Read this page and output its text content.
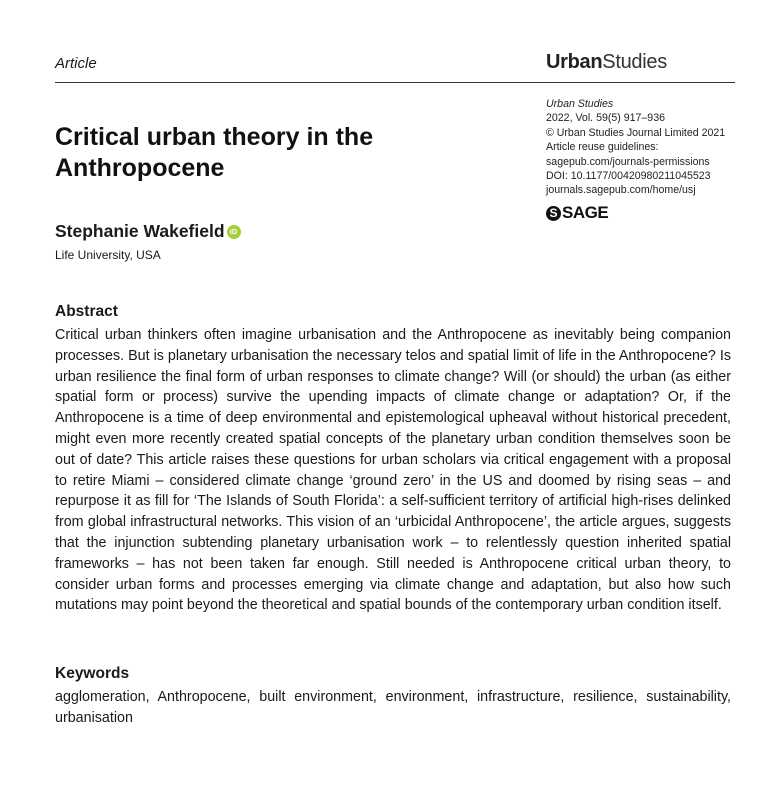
Article	UrbanStudies
Urban Studies
2022, Vol. 59(5) 917–936
© Urban Studies Journal Limited 2021
Article reuse guidelines:
sagepub.com/journals-permissions
DOI: 10.1177/00420980211045523
journals.sagepub.com/home/usj
S SAGE
Critical urban theory in the Anthropocene
Stephanie Wakefield iD
Life University, USA
Abstract

Critical urban thinkers often imagine urbanisation and the Anthropocene as inevitably being companion processes. But is planetary urbanisation the necessary telos and spatial limit of life in the Anthropocene? Is urban resilience the final form of urban responses to climate change? Will (or should) the urban (as either spatial form or process) survive the upending impacts of climate change or adaptation? Or, if the Anthropocene is a time of deep environmental and epistemological upheaval without historical precedent, might even more recently created spatial concepts of the planetary urban condition themselves soon be out of date? This article raises these questions for urban scholars via critical engagement with a proposal to retire Miami – considered climate change ‘ground zero’ in the US and doomed by rising seas – and repurpose it as fill for ‘The Islands of South Florida’: a self-sufficient territory of artificial high-rises delinked from global infrastructural networks. This vision of an ‘urbicidal Anthropocene’, the article argues, suggests that the injunction subtending planetary urbanisation work – to relentlessly question inherited spatial frameworks – has not been taken far enough. Still needed is Anthropocene critical urban theory, to consider urban forms and processes emerging via climate change and adaptation, but also how such mutations may point beyond the theoretical and spatial bounds of the contemporary urban condition itself.

Keywords

agglomeration, Anthropocene, built environment, environment, infrastructure, resilience, sustainability, urbanisation
